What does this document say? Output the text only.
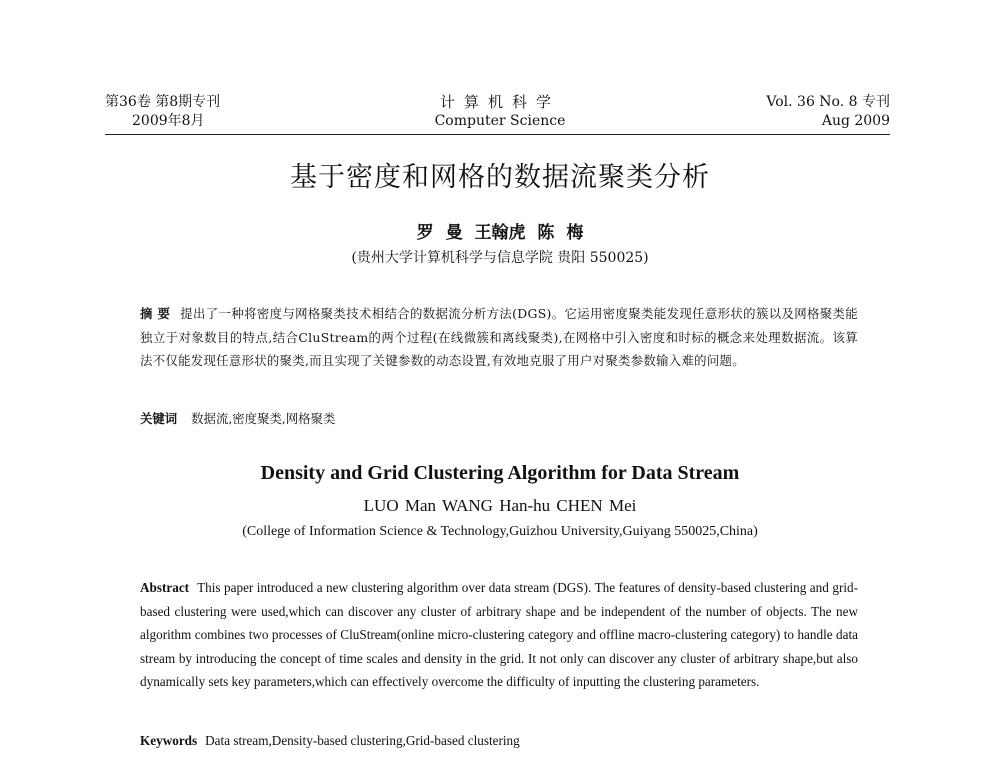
第36卷 第8期专刊
2009年8月
计算机科学
Computer Science
Vol. 36 No. 8 专刊
Aug 2009
基于密度和网格的数据流聚类分析
罗 曼 王翰虎 陈 梅
(贵州大学计算机科学与信息学院 贵阳 550025)
摘 要 提出了一种将密度与网格聚类技术相结合的数据流分析方法(DGS)。它运用密度聚类能发现任意形状的簇以及网格聚类能独立于对象数目的特点,结合CluStream的两个过程(在线微簇和离线聚类),在网格中引入密度和时标的概念来处理数据流。该算法不仅能发现任意形状的聚类,而且实现了关键参数的动态设置,有效地克服了用户对聚类参数输入难的问题。
关键词 数据流,密度聚类,网格聚类
Density and Grid Clustering Algorithm for Data Stream
LUO Man WANG Han-hu CHEN Mei
(College of Information Science & Technology,Guizhou University,Guiyang 550025,China)
Abstract This paper introduced a new clustering algorithm over data stream (DGS). The features of density-based clustering and grid-based clustering were used,which can discover any cluster of arbitrary shape and be independent of the number of objects. The new algorithm combines two processes of CluStream(online micro-clustering category and offline macro-clustering category) to handle data stream by introducing the concept of time scales and density in the grid. It not only can discover any cluster of arbitrary shape,but also dynamically sets key parameters,which can effectively overcome the difficulty of inputting the clustering parameters.
Keywords Data stream,Density-based clustering,Grid-based clustering
